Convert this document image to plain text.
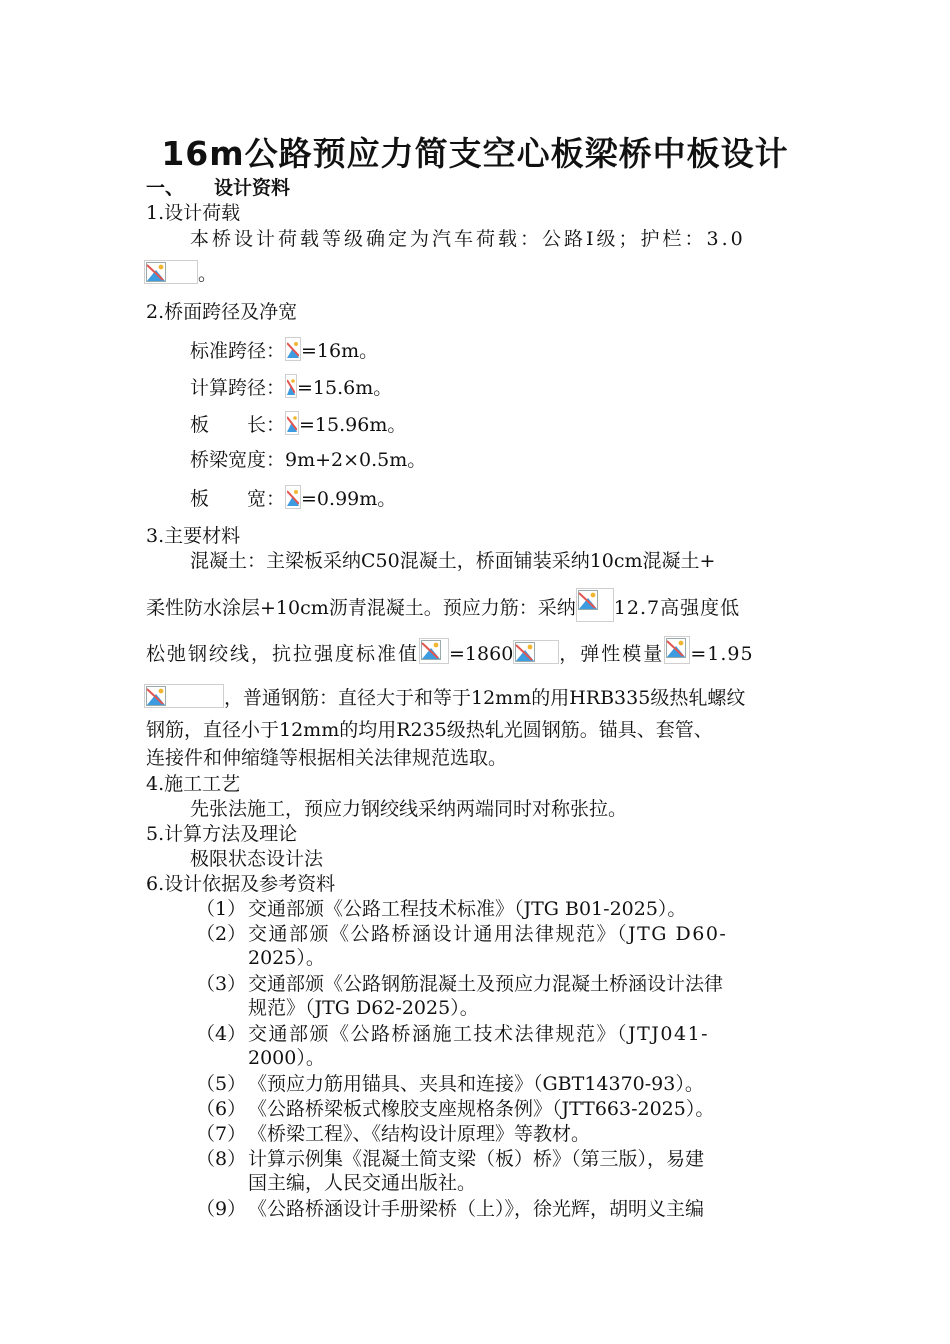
16m公路预应力简支空心板梁桥中板设计
一、 设计资料
1.设计荷载
本桥设计荷载等级确定为汽车荷载：公路Ⅰ级；护栏：3.0
。
2.桥面跨径及净宽
标准跨径： =16m。
计算跨径： =15.6m。
板　　长： =15.96m。
桥梁宽度：9m+2×0.5m。
板　　宽： =0.99m。
3.主要材料
混凝土：主梁板采纳C50混凝土，桥面铺装采纳10cm混凝土+
柔性防水涂层+10cm沥青混凝土。预应力筋：采纳 12.7高强度低
松弛钢绞线，抗拉强度标准值 =1860 ，弹性模量 =1.95
，普通钢筋：直径大于和等于12mm的用HRB335级热轧螺纹
钢筋，直径小于12mm的均用R235级热轧光圆钢筋。锚具、套管、
连接件和伸缩缝等根据相关法律规范选取。
4.施工工艺
先张法施工，预应力钢绞线采纳两端同时对称张拉。
5.计算方法及理论
极限状态设计法
6.设计依据及参考资料
（1） 交通部颁《公路工程技术标准》（JTG B01-2025）。
（2） 交通部颁《公路桥涵设计通用法律规范》（JTG D60-
2025）。
（3） 交通部颁《公路钢筋混凝土及预应力混凝土桥涵设计法律
规范》（JTG D62-2025）。
（4） 交通部颁《公路桥涵施工技术法律规范》（JTJ041-
2000）。
（5） 《预应力筋用锚具、夹具和连接》（GBT14370-93）。
（6） 《公路桥梁板式橡胶支座规格条例》（JTT663-2025）。
（7） 《桥梁工程》、《结构设计原理》等教材。
（8） 计算示例集《混凝土简支梁（板）桥》（第三版），易建
国主编，人民交通出版社。
（9） 《公路桥涵设计手册梁桥（上）》，徐光辉，胡明义主编
